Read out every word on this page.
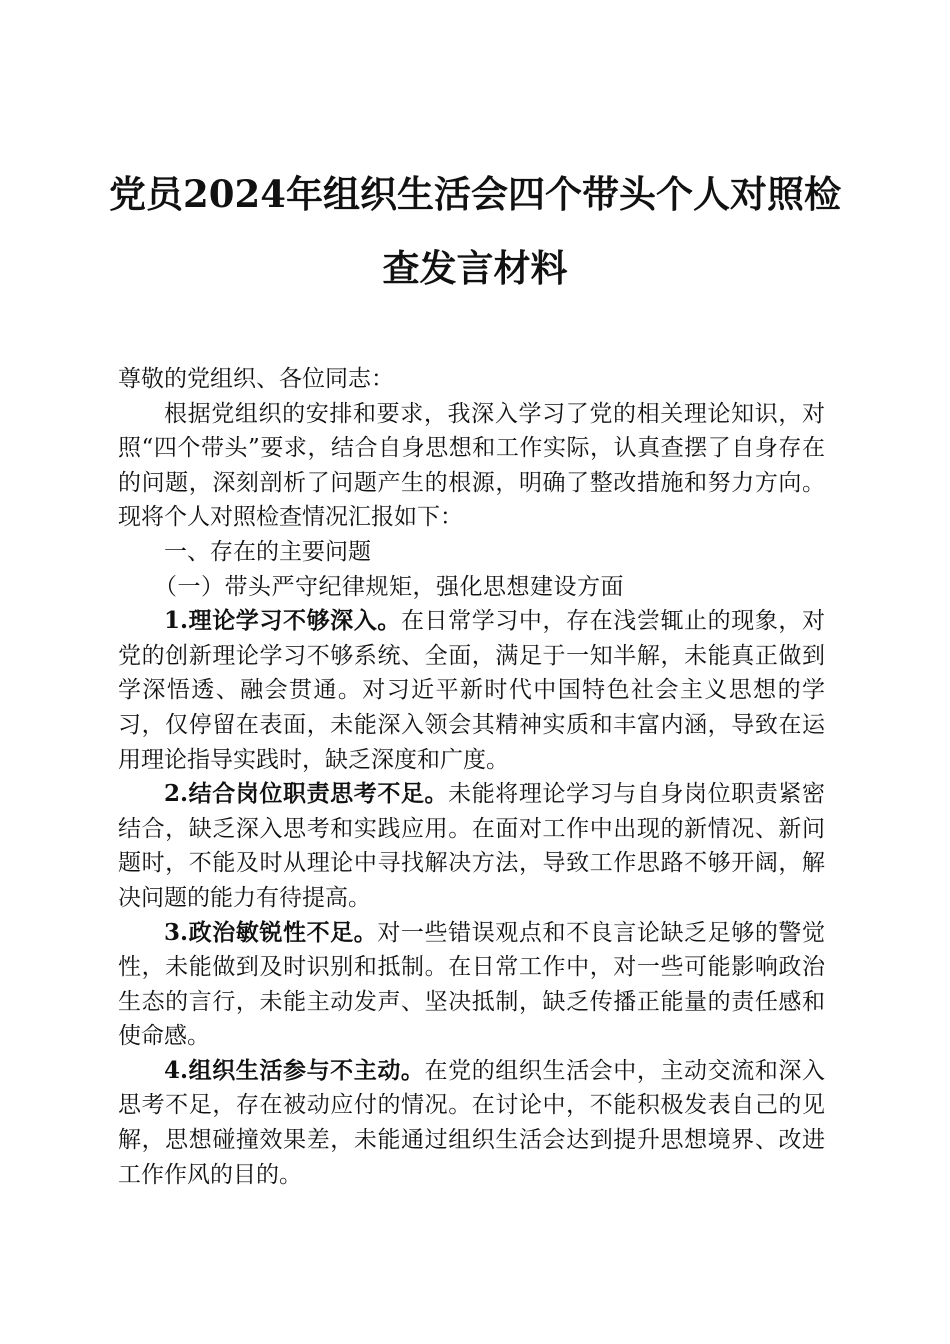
党员2024年组织生活会四个带头个人对照检
查发言材料

尊敬的党组织、各位同志：

根据党组织的安排和要求，我深入学习了党的相关理论知识，对照“四个带头”要求，结合自身思想和工作实际，认真查摆了自身存在的问题，深刻剖析了问题产生的根源，明确了整改措施和努力方向。现将个人对照检查情况汇报如下：

一、存在的主要问题

（一）带头严守纪律规矩，强化思想建设方面

1.理论学习不够深入。在日常学习中，存在浅尝辄止的现象，对党的创新理论学习不够系统、全面，满足于一知半解，未能真正做到学深悟透、融会贯通。对习近平新时代中国特色社会主义思想的学习，仅停留在表面，未能深入领会其精神实质和丰富内涵，导致在运用理论指导实践时，缺乏深度和广度。

2.结合岗位职责思考不足。未能将理论学习与自身岗位职责紧密结合，缺乏深入思考和实践应用。在面对工作中出现的新情况、新问题时，不能及时从理论中寻找解决方法，导致工作思路不够开阔，解决问题的能力有待提高。

3.政治敏锐性不足。对一些错误观点和不良言论缺乏足够的警觉性，未能做到及时识别和抵制。在日常工作中，对一些可能影响政治生态的言行，未能主动发声、坚决抵制，缺乏传播正能量的责任感和使命感。

4.组织生活参与不主动。在党的组织生活会中，主动交流和深入思考不足，存在被动应付的情况。在讨论中，不能积极发表自己的见解，思想碰撞效果差，未能通过组织生活会达到提升思想境界、改进工作作风的目的。
